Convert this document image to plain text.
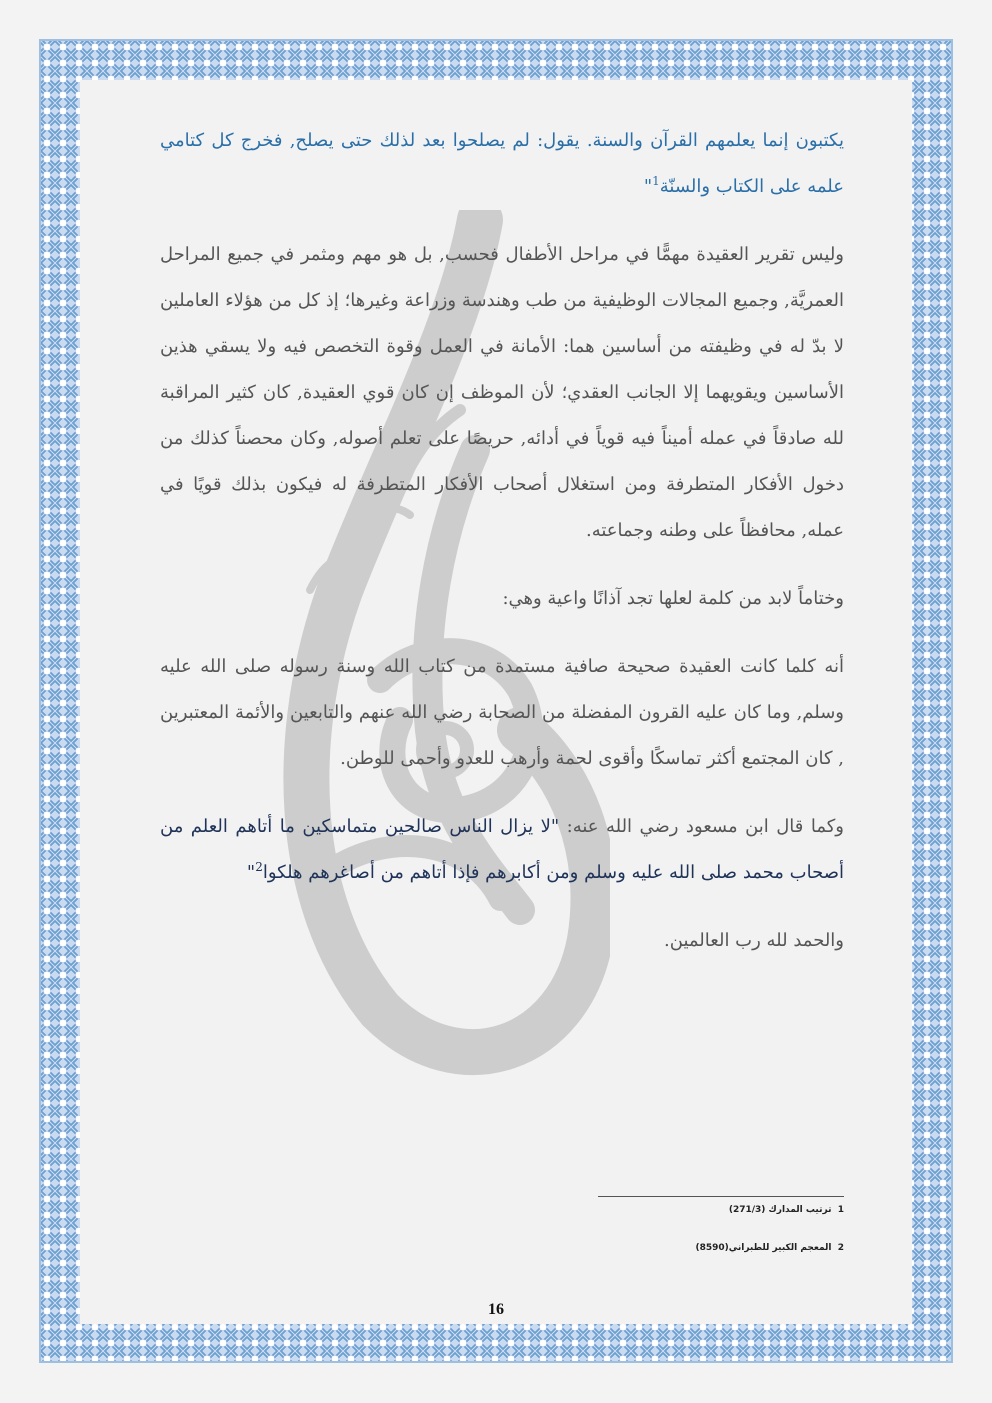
يكتبون إنما يعلمهم القرآن والسنة. يقول: لم يصلحوا بعد لذلك حتى يصلح, فخرج كل كتامي علمه على الكتاب والسنّة$^1$"

وليس تقرير العقيدة مهمًّا في مراحل الأطفال فحسب, بل هو مهم ومثمر في جميع المراحل العمريَّة, وجميع المجالات الوظيفية من طب وهندسة وزراعة وغيرها؛ إذ كل من هؤلاء العاملين لا بدّ له في وظيفته من أساسين هما: الأمانة في العمل وقوة التخصص فيه ولا يسقي هذين الأساسين ويقويهما إلا الجانب العقدي؛ لأن الموظف إن كان قوي العقيدة, كان كثير المراقبة لله صادقاً في عمله أميناً فيه قوياً في أدائه, حريصًا على تعلم أصوله, وكان محصناً كذلك من دخول الأفكار المتطرفة ومن استغلال أصحاب الأفكار المتطرفة له فيكون بذلك قويًا في عمله, محافظاً على وطنه وجماعته.

وختاماً لابد من كلمة لعلها تجد آذانًا واعية وهي:

أنه كلما كانت العقيدة صحيحة صافية مستمدة من كتاب الله وسنة رسوله صلى الله عليه وسلم, وما كان عليه القرون المفضلة من الصحابة رضي الله عنهم والتابعين والأئمة المعتبرين , كان المجتمع أكثر تماسكًا وأقوى لحمة وأرهب للعدو وأحمى للوطن.

وكما قال ابن مسعود رضي الله عنه: "لا يزال الناس صالحين متماسكين ما أتاهم العلم من أصحاب محمد صلى الله عليه وسلم ومن أكابرهم فإذا أتاهم من أصاغرهم هلكوا$^2$"

والحمد لله رب العالمين.

1  ترتيب المدارك (271/3)
2  المعجم الكبير للطبراني(8590)
16
